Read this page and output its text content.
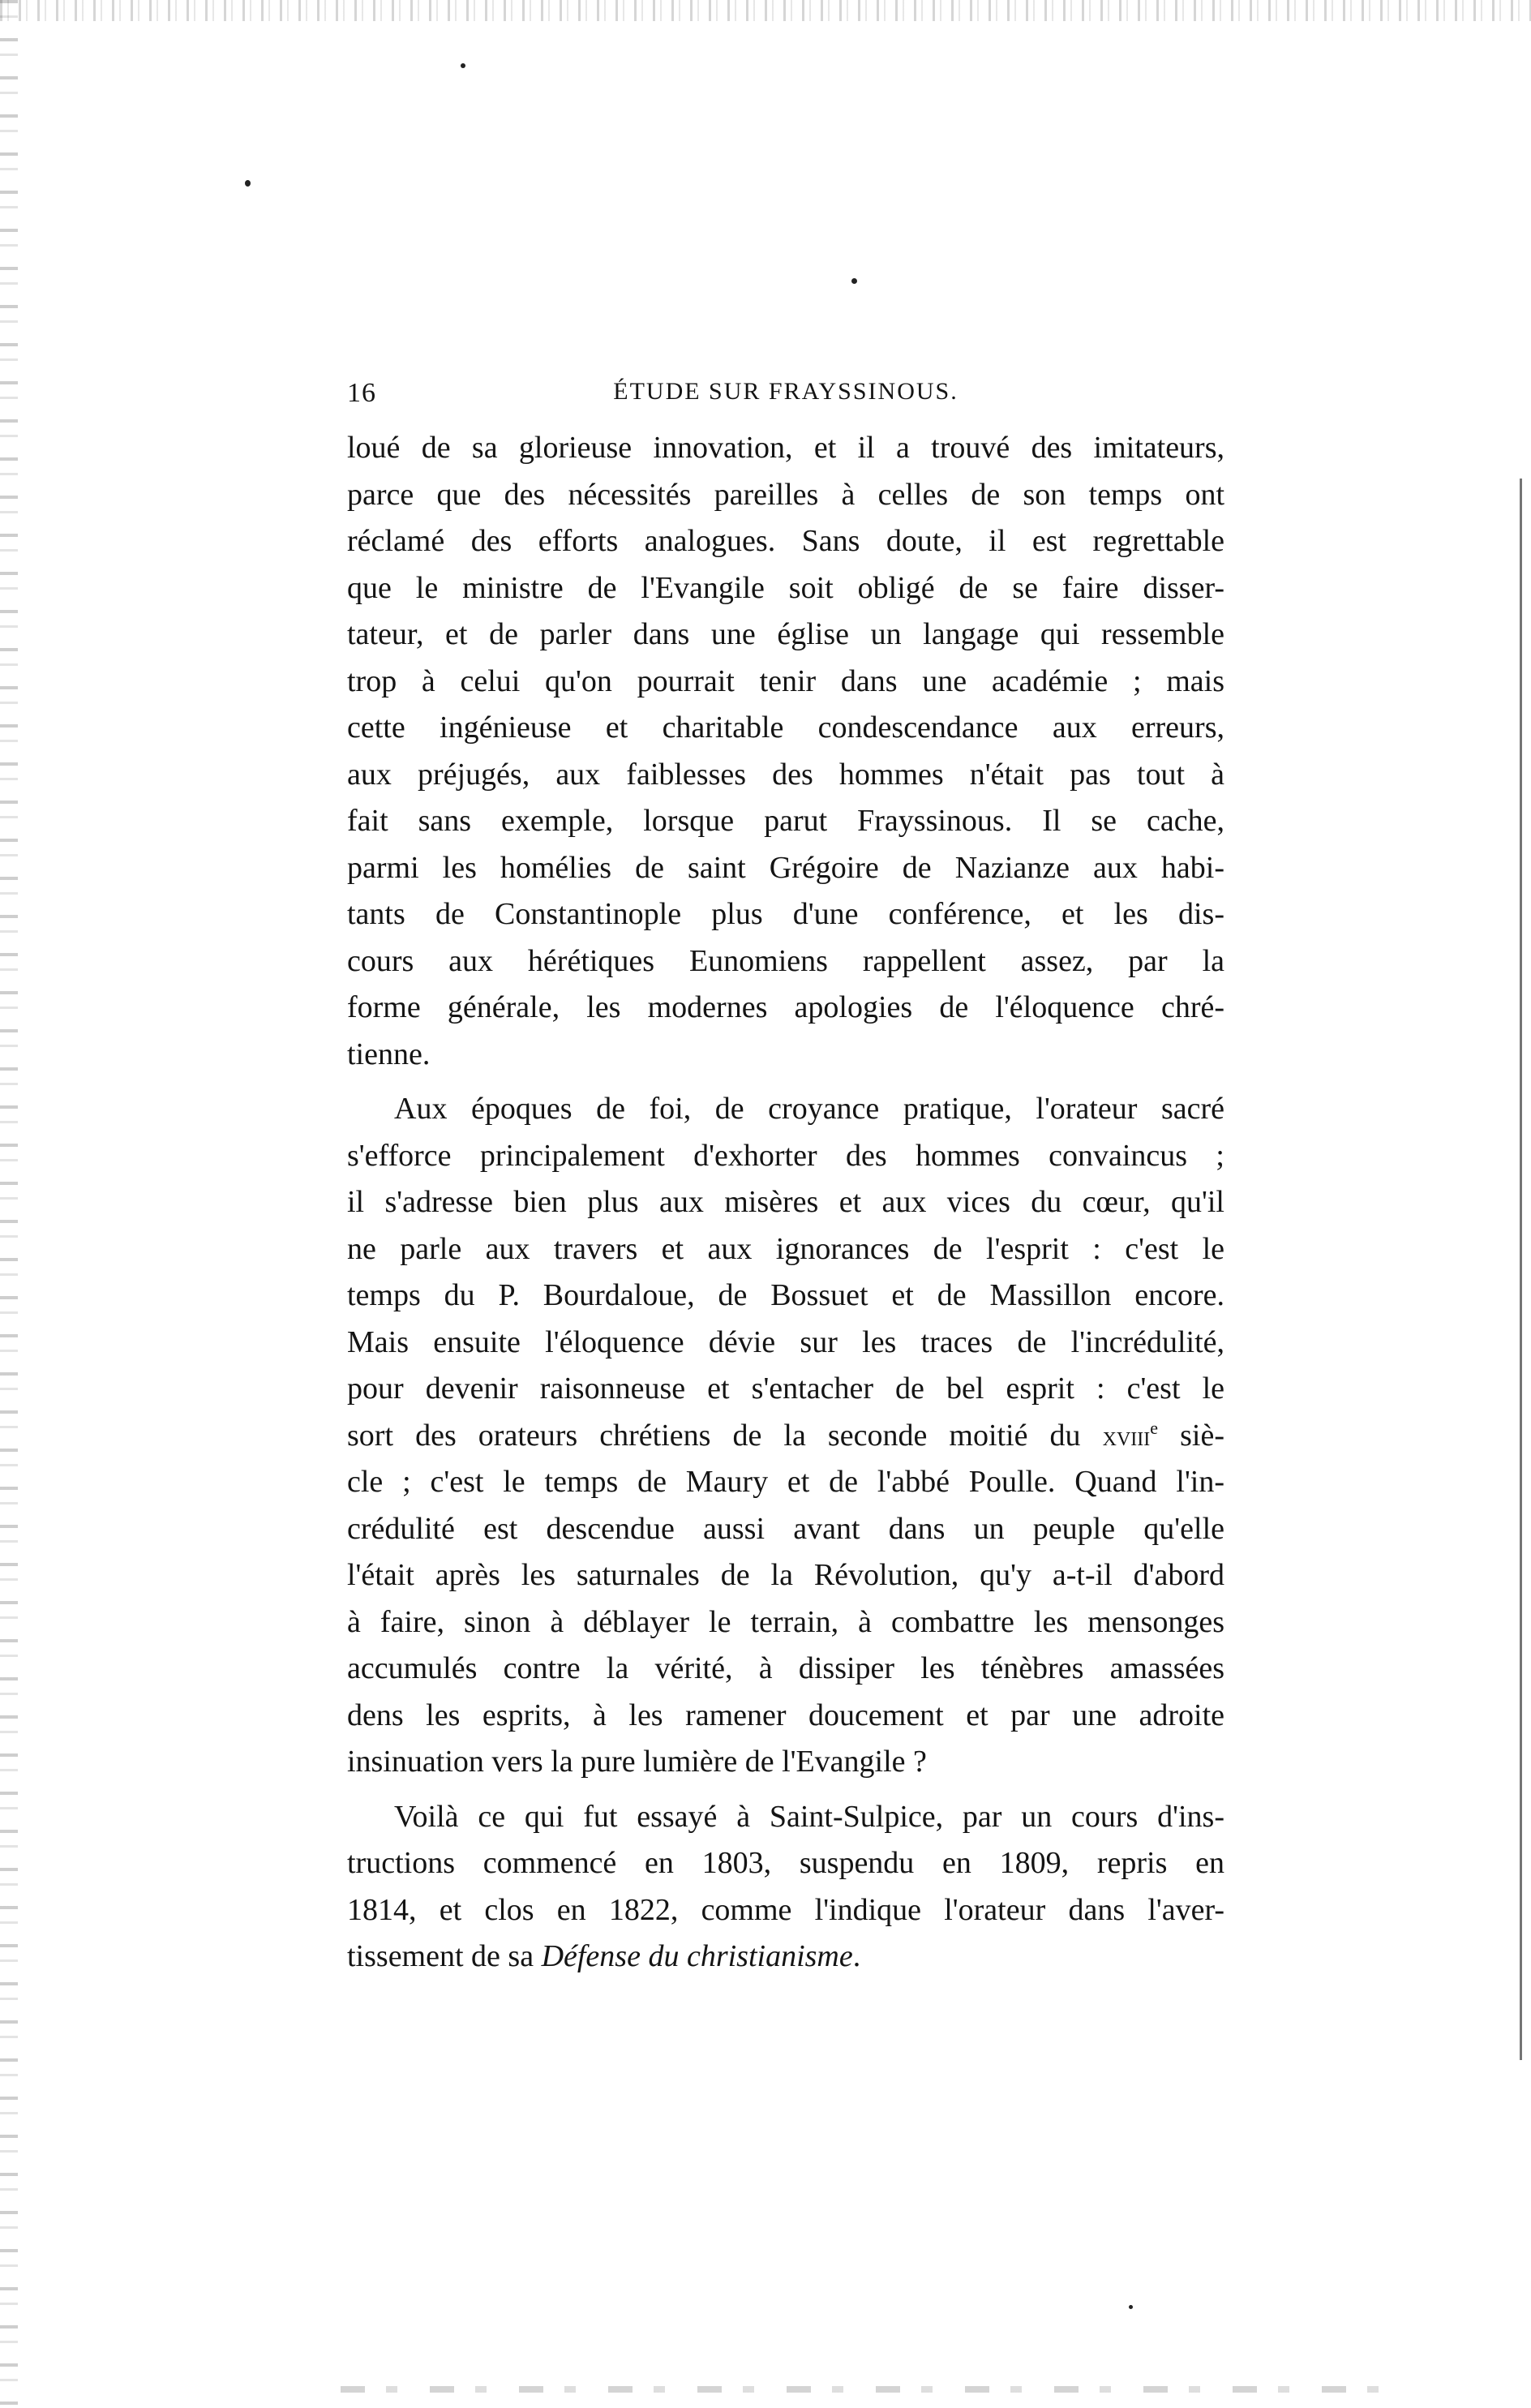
16	ÉTUDE SUR FRAYSSINOUS.
loué de sa glorieuse innovation, et il a trouvé des imitateurs,
parce que des nécessités pareilles à celles de son temps ont
réclamé des efforts analogues. Sans doute, il est regrettable
que le ministre de l'Evangile soit obligé de se faire disser-
tateur, et de parler dans une église un langage qui ressemble
trop à celui qu'on pourrait tenir dans une académie ; mais
cette ingénieuse et charitable condescendance aux erreurs,
aux préjugés, aux faiblesses des hommes n'était pas tout à
fait sans exemple, lorsque parut Frayssinous. Il se cache,
parmi les homélies de saint Grégoire de Nazianze aux habi-
tants de Constantinople plus d'une conférence, et les dis-
cours aux hérétiques Eunomiens rappellent assez, par la
forme générale, les modernes apologies de l'éloquence chré-
tienne.
Aux époques de foi, de croyance pratique, l'orateur sacré
s'efforce principalement d'exhorter des hommes convaincus ;
il s'adresse bien plus aux misères et aux vices du cœur, qu'il
ne parle aux travers et aux ignorances de l'esprit : c'est le
temps du P. Bourdaloue, de Bossuet et de Massillon encore.
Mais ensuite l'éloquence dévie sur les traces de l'incrédulité,
pour devenir raisonneuse et s'entacher de bel esprit : c'est le
sort des orateurs chrétiens de la seconde moitié du xviii$^e$ siè-
cle ; c'est le temps de Maury et de l'abbé Poulle. Quand l'in-
crédulité est descendue aussi avant dans un peuple qu'elle
l'était après les saturnales de la Révolution, qu'y a-t-il d'abord
à faire, sinon à déblayer le terrain, à combattre les mensonges
accumulés contre la vérité, à dissiper les ténèbres amassées
dens les esprits, à les ramener doucement et par une adroite
insinuation vers la pure lumière de l'Evangile ?
Voilà ce qui fut essayé à Saint-Sulpice, par un cours d'ins-
tructions commencé en 1803, suspendu en 1809, repris en
1814, et clos en 1822, comme l'indique l'orateur dans l'aver-
tissement de sa Défense du christianisme.
